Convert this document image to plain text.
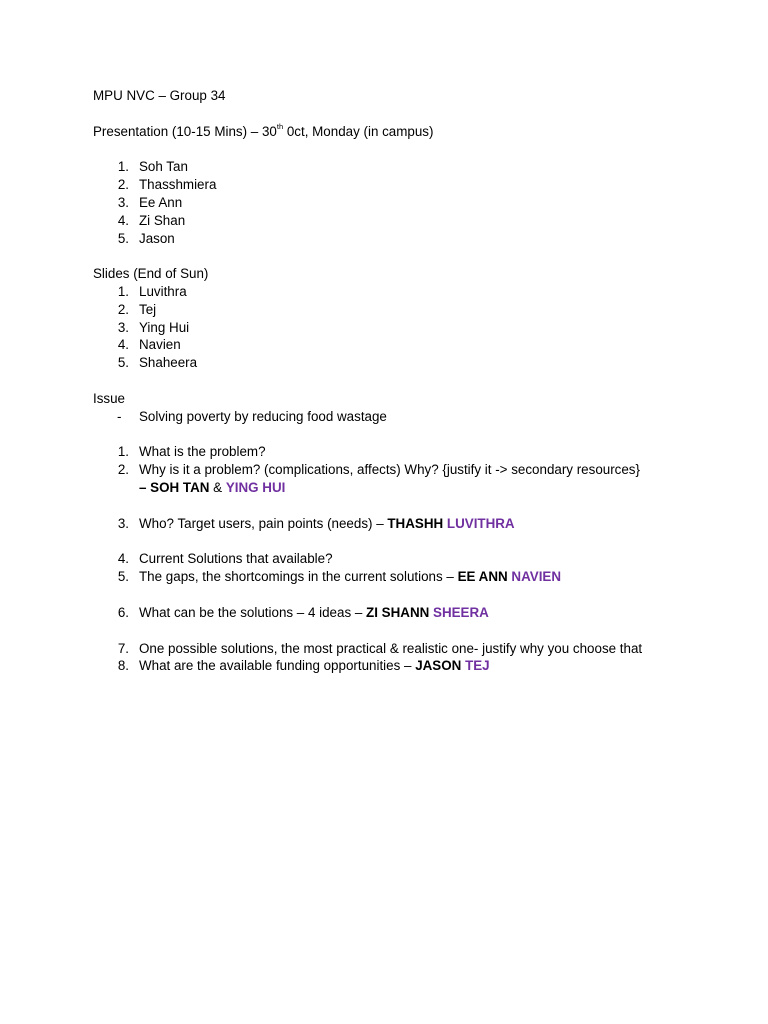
MPU NVC – Group 34
Presentation (10-15 Mins) – 30th 0ct, Monday (in campus)
1. Soh Tan
2. Thasshmiera
3. Ee Ann
4. Zi Shan
5. Jason
Slides (End of Sun)
1. Luvithra
2. Tej
3. Ying Hui
4. Navien
5. Shaheera
Issue
- Solving poverty by reducing food wastage
1. What is the problem?
2. Why is it a problem? (complications, affects) Why? {justify it -> secondary resources}
– SOH TAN & YING HUI
3. Who? Target users, pain points (needs) – THASHH LUVITHRA
4. Current Solutions that available?
5. The gaps, the shortcomings in the current solutions – EE ANN NAVIEN
6. What can be the solutions – 4 ideas – ZI SHANN SHEERA
7. One possible solutions, the most practical & realistic one- justify why you choose that
8. What are the available funding opportunities – JASON TEJ
